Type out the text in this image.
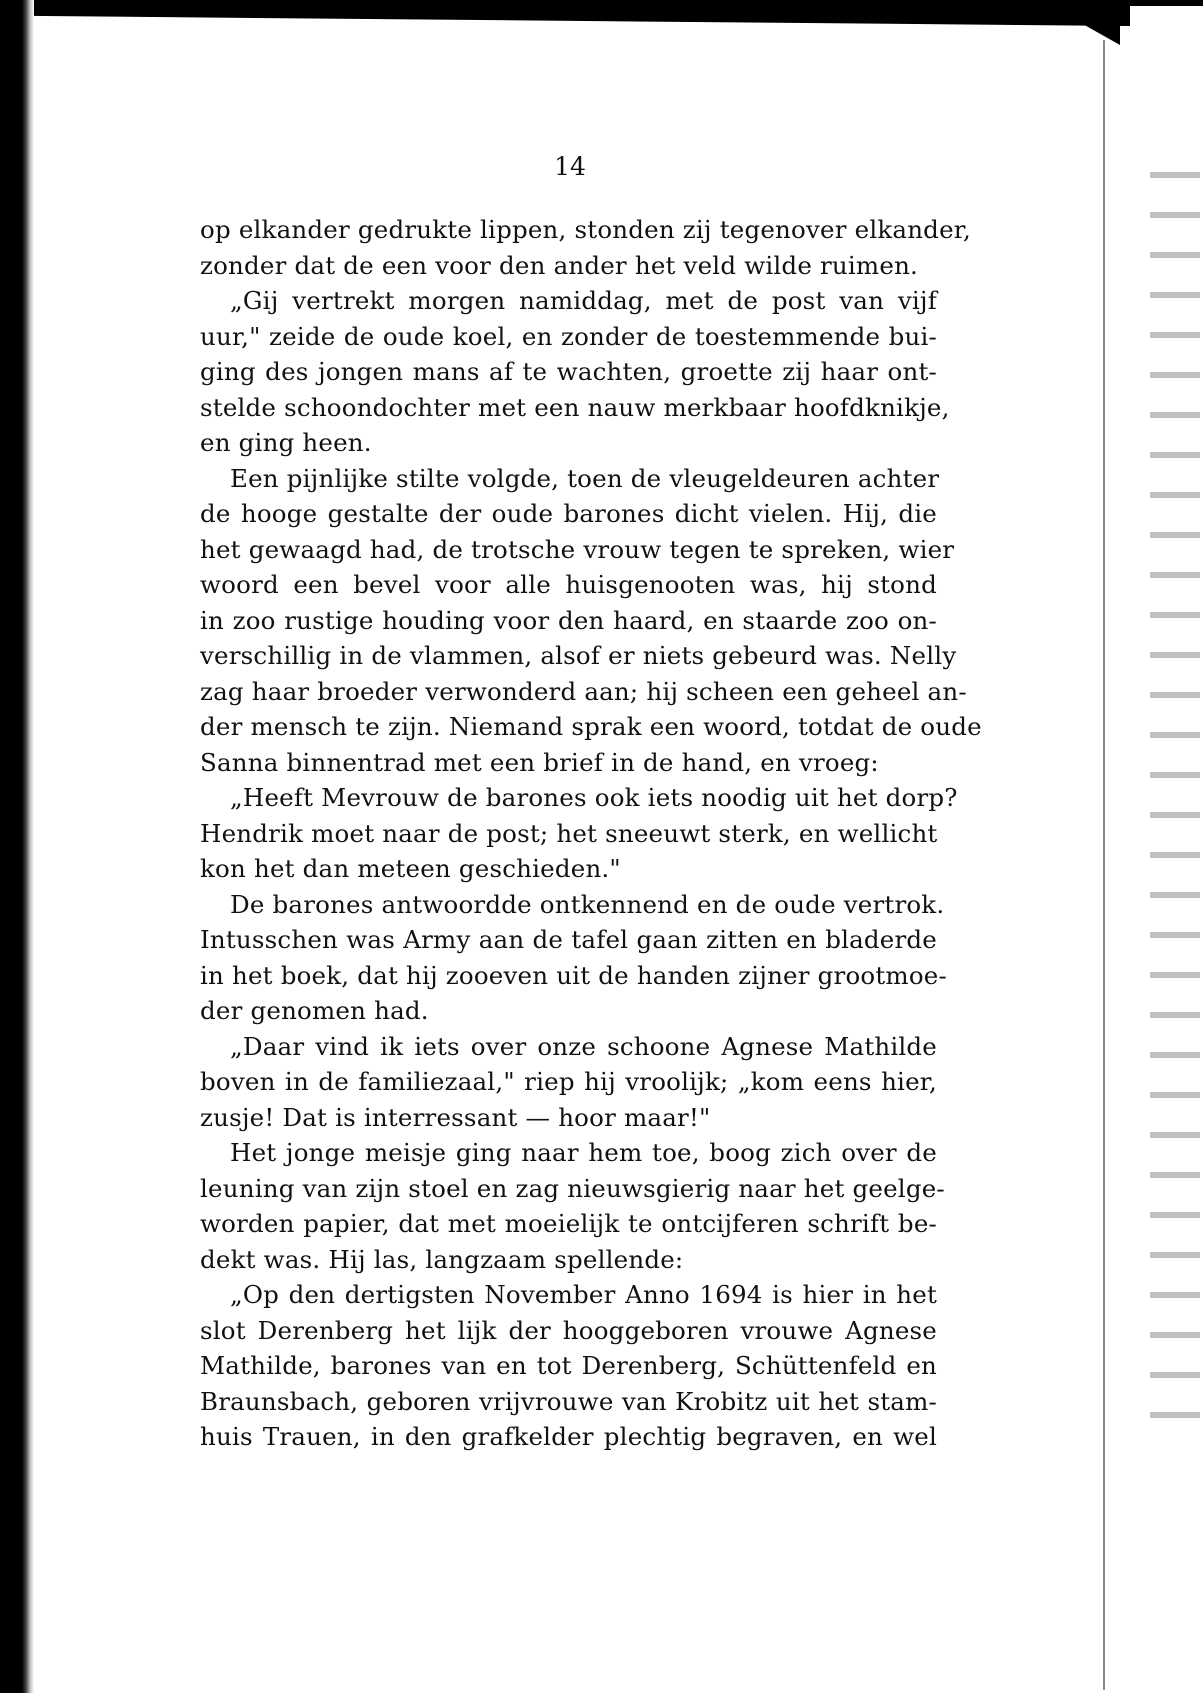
14
op elkander gedrukte lippen, stonden zij tegenover elkander,
zonder dat de een voor den ander het veld wilde ruimen.
„Gij vertrekt morgen namiddag, met de post van vijf
uur," zeide de oude koel, en zonder de toestemmende bui-
ging des jongen mans af te wachten, groette zij haar ont-
stelde schoondochter met een nauw merkbaar hoofdknikje,
en ging heen.
Een pijnlijke stilte volgde, toen de vleugeldeuren achter
de hooge gestalte der oude barones dicht vielen. Hij, die
het gewaagd had, de trotsche vrouw tegen te spreken, wier
woord een bevel voor alle huisgenooten was, hij stond
in zoo rustige houding voor den haard, en staarde zoo on-
verschillig in de vlammen, alsof er niets gebeurd was. Nelly
zag haar broeder verwonderd aan; hij scheen een geheel an-
der mensch te zijn. Niemand sprak een woord, totdat de oude
Sanna binnentrad met een brief in de hand, en vroeg:
„Heeft Mevrouw de barones ook iets noodig uit het dorp?
Hendrik moet naar de post; het sneeuwt sterk, en wellicht
kon het dan meteen geschieden."
De barones antwoordde ontkennend en de oude vertrok.
Intusschen was Army aan de tafel gaan zitten en bladerde
in het boek, dat hij zooeven uit de handen zijner grootmoe-
der genomen had.
„Daar vind ik iets over onze schoone Agnese Mathilde
boven in de familiezaal," riep hij vroolijk; „kom eens hier,
zusje! Dat is interressant — hoor maar!"
Het jonge meisje ging naar hem toe, boog zich over de
leuning van zijn stoel en zag nieuwsgierig naar het geelge-
worden papier, dat met moeielijk te ontcijferen schrift be-
dekt was. Hij las, langzaam spellende:
„Op den dertigsten November Anno 1694 is hier in het
slot Derenberg het lijk der hooggeboren vrouwe Agnese
Mathilde, barones van en tot Derenberg, Schüttenfeld en
Braunsbach, geboren vrijvrouwe van Krobitz uit het stam-
huis Trauen, in den grafkelder plechtig begraven, en wel
